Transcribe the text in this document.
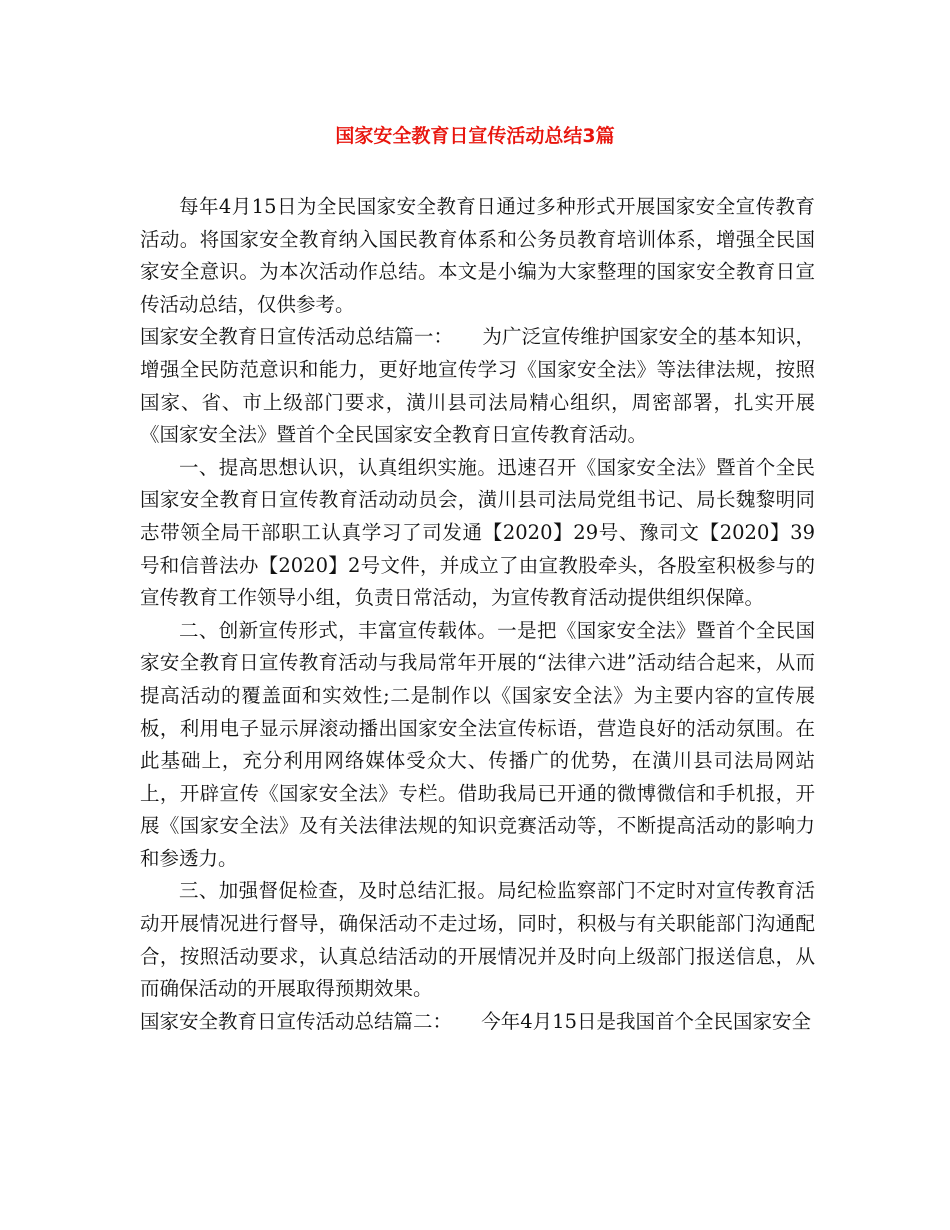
国家安全教育日宣传活动总结3篇

每年4月15日为全民国家安全教育日通过多种形式开展国家安全宣传教育活动。将国家安全教育纳入国民教育体系和公务员教育培训体系，增强全民国家安全意识。为本次活动作总结。本文是小编为大家整理的国家安全教育日宣传活动总结，仅供参考。

国家安全教育日宣传活动总结篇一：　　为广泛宣传维护国家安全的基本知识，增强全民防范意识和能力，更好地宣传学习《国家安全法》等法律法规，按照国家、省、市上级部门要求，潢川县司法局精心组织，周密部署，扎实开展《国家安全法》暨首个全民国家安全教育日宣传教育活动。

一、提高思想认识，认真组织实施。迅速召开《国家安全法》暨首个全民国家安全教育日宣传教育活动动员会，潢川县司法局党组书记、局长魏黎明同志带领全局干部职工认真学习了司发通【2020】29号、豫司文【2020】39号和信普法办【2020】2号文件，并成立了由宣教股牵头，各股室积极参与的宣传教育工作领导小组，负责日常活动，为宣传教育活动提供组织保障。

二、创新宣传形式，丰富宣传载体。一是把《国家安全法》暨首个全民国家安全教育日宣传教育活动与我局常年开展的“法律六进”活动结合起来，从而提高活动的覆盖面和实效性;二是制作以《国家安全法》为主要内容的宣传展板，利用电子显示屏滚动播出国家安全法宣传标语，营造良好的活动氛围。在此基础上，充分利用网络媒体受众大、传播广的优势，在潢川县司法局网站上，开辟宣传《国家安全法》专栏。借助我局已开通的微博微信和手机报，开展《国家安全法》及有关法律法规的知识竞赛活动等，不断提高活动的影响力和参透力。

三、加强督促检查，及时总结汇报。局纪检监察部门不定时对宣传教育活动开展情况进行督导，确保活动不走过场，同时，积极与有关职能部门沟通配合，按照活动要求，认真总结活动的开展情况并及时向上级部门报送信息，从而确保活动的开展取得预期效果。

国家安全教育日宣传活动总结篇二：　　今年4月15日是我国首个全民国家安全
